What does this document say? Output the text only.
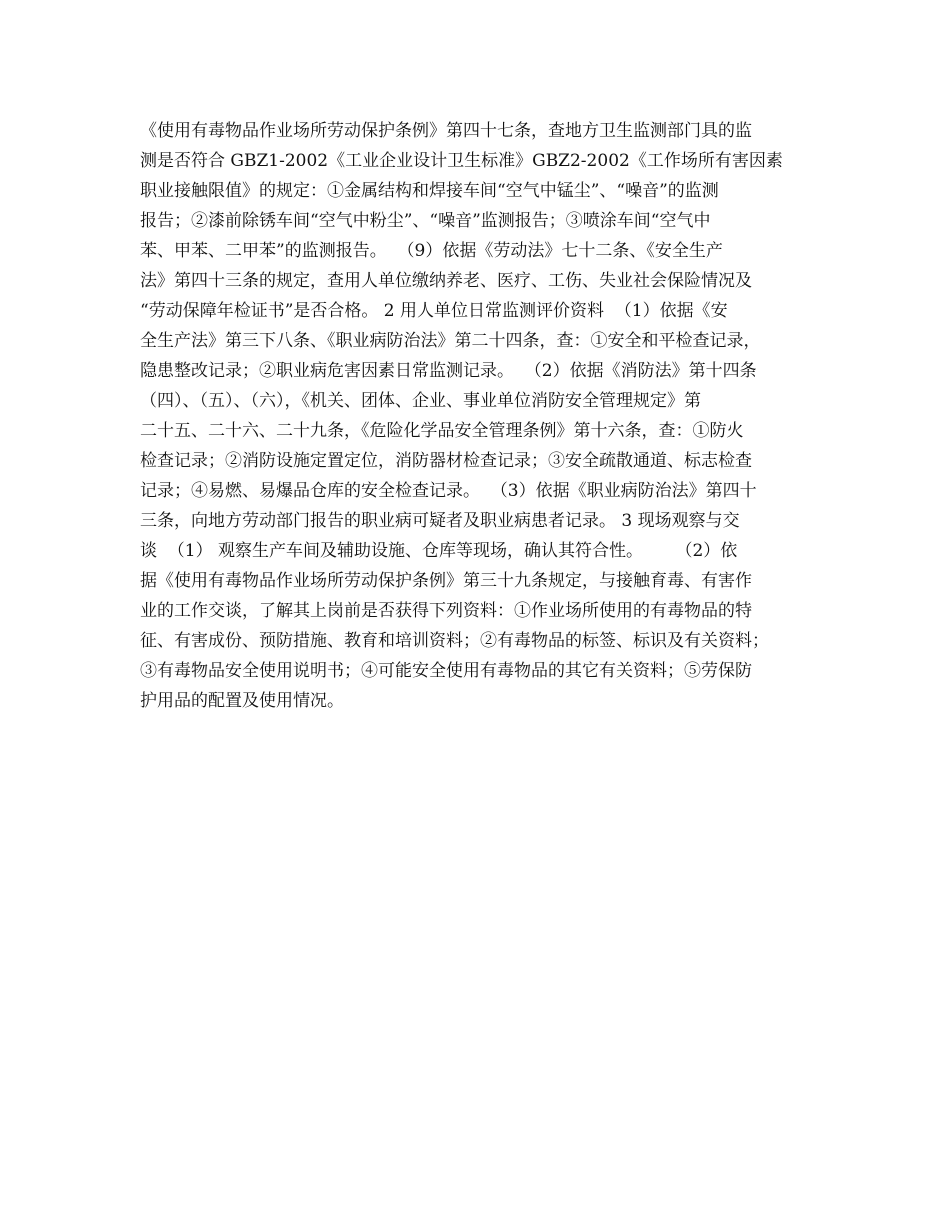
《使用有毒物品作业场所劳动保护条例》第四十七条，查地方卫生监测部门具的监
测是否符合 GBZ1-2002《工业企业设计卫生标准》GBZ2-2002《工作场所有害因素
职业接触限值》的规定：①金属结构和焊接车间“空气中锰尘”、“噪音”的监测
报告；②漆前除锈车间“空气中粉尘”、“噪音”监测报告；③喷涂车间“空气中
苯、甲苯、二甲苯”的监测报告。  （9）依据《劳动法》七十二条、《安全生产
法》第四十三条的规定，查用人单位缴纳养老、医疗、工伤、失业社会保险情况及
“劳动保障年检证书”是否合格。 2 用人单位日常监测评价资料  （1）依据《安
全生产法》第三下八条、《职业病防治法》第二十四条，查：①安全和平检查记录，
隐患整改记录；②职业病危害因素日常监测记录。  （2）依据《消防法》第十四条
（四）、（五）、（六），《机关、团体、企业、事业单位消防安全管理规定》第
二十五、二十六、二十九条，《危险化学品安全管理条例》第十六条，查：①防火
检查记录；②消防设施定置定位，消防器材检查记录；③安全疏散通道、标志检查
记录；④易燃、易爆品仓库的安全检查记录。  （3）依据《职业病防治法》第四十
三条，向地方劳动部门报告的职业病可疑者及职业病患者记录。 3 现场观察与交
谈  （1） 观察生产车间及辅助设施、仓库等现场，确认其符合性。      （2）依
据《使用有毒物品作业场所劳动保护条例》第三十九条规定，与接触育毒、有害作
业的工作交谈，了解其上岗前是否获得下列资料：①作业场所使用的有毒物品的特
征、有害成份、预防措施、教育和培训资料；②有毒物品的标签、标识及有关资料；
③有毒物品安全使用说明书；④可能安全使用有毒物品的其它有关资料；⑤劳保防
护用品的配置及使用情况。
